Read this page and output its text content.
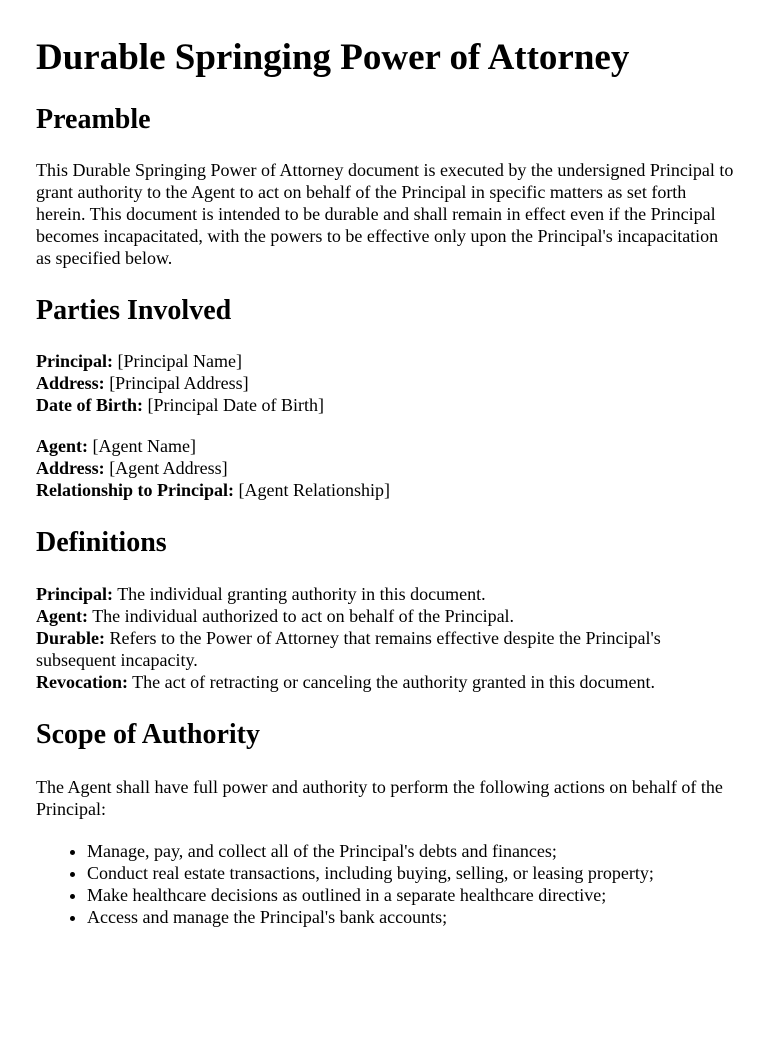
Durable Springing Power of Attorney
Preamble

This Durable Springing Power of Attorney document is executed by the undersigned Principal to grant authority to the Agent to act on behalf of the Principal in specific matters as set forth herein. This document is intended to be durable and shall remain in effect even if the Principal becomes incapacitated, with the powers to be effective only upon the Principal's incapacitation as specified below.

Parties Involved
Principal: [Principal Name]
Address: [Principal Address]
Date of Birth: [Principal Date of Birth]
Agent: [Agent Name]
Address: [Agent Address]
Relationship to Principal: [Agent Relationship]
Definitions
Principal: The individual granting authority in this document.
Agent: The individual authorized to act on behalf of the Principal.
Durable: Refers to the Power of Attorney that remains effective despite the Principal's subsequent incapacity.
Revocation: The act of retracting or canceling the authority granted in this document.
Scope of Authority

The Agent shall have full power and authority to perform the following actions on behalf of the Principal:

• Manage, pay, and collect all of the Principal's debts and finances;
• Conduct real estate transactions, including buying, selling, or leasing property;
• Make healthcare decisions as outlined in a separate healthcare directive;
• Access and manage the Principal's bank accounts;
